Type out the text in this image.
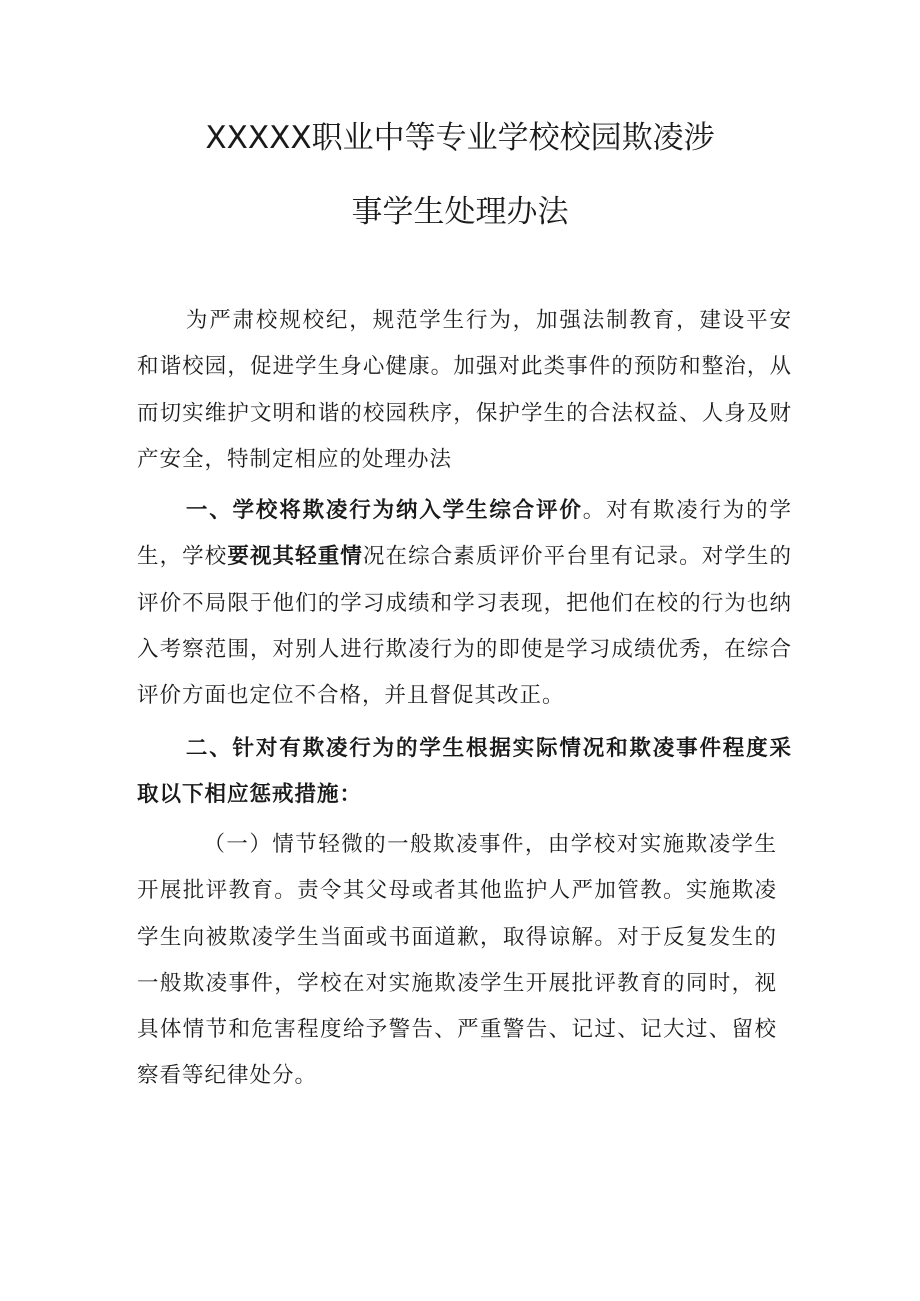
XXXXX职业中等专业学校校园欺凌涉
事学生处理办法

为严肃校规校纪，规范学生行为，加强法制教育，建设平安和谐校园，促进学生身心健康。加强对此类事件的预防和整治，从而切实维护文明和谐的校园秩序，保护学生的合法权益、人身及财产安全，特制定相应的处理办法

一、学校将欺凌行为纳入学生综合评价。对有欺凌行为的学生，学校要视其轻重情况在综合素质评价平台里有记录。对学生的评价不局限于他们的学习成绩和学习表现，把他们在校的行为也纳入考察范围，对别人进行欺凌行为的即使是学习成绩优秀，在综合评价方面也定位不合格，并且督促其改正。

二、针对有欺凌行为的学生根据实际情况和欺凌事件程度采取以下相应惩戒措施：

（一）情节轻微的一般欺凌事件，由学校对实施欺凌学生开展批评教育。责令其父母或者其他监护人严加管教。实施欺凌学生向被欺凌学生当面或书面道歉，取得谅解。对于反复发生的一般欺凌事件，学校在对实施欺凌学生开展批评教育的同时，视具体情节和危害程度给予警告、严重警告、记过、记大过、留校察看等纪律处分。
